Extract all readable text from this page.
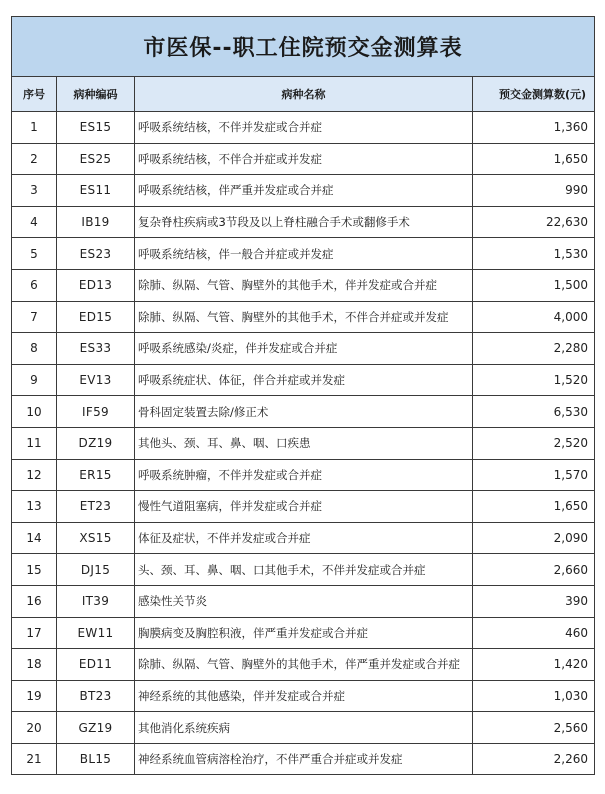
市医保--职工住院预交金测算表			
序号	病种编码	病种名称	预交金测算数(元)
1	ES15	呼吸系统结核，不伴并发症或合并症	1,360
2	ES25	呼吸系统结核，不伴合并症或并发症	1,650
3	ES11	呼吸系统结核，伴严重并发症或合并症	990
4	IB19	复杂脊柱疾病或3节段及以上脊柱融合手术或翻修手术	22,630
5	ES23	呼吸系统结核，伴一般合并症或并发症	1,530
6	ED13	除肺、纵隔、气管、胸壁外的其他手术，伴并发症或合并症	1,500
7	ED15	除肺、纵隔、气管、胸壁外的其他手术，不伴合并症或并发症	4,000
8	ES33	呼吸系统感染/炎症，伴并发症或合并症	2,280
9	EV13	呼吸系统症状、体征，伴合并症或并发症	1,520
10	IF59	骨科固定装置去除/修正术	6,530
11	DZ19	其他头、颈、耳、鼻、咽、口疾患	2,520
12	ER15	呼吸系统肿瘤，不伴并发症或合并症	1,570
13	ET23	慢性气道阻塞病，伴并发症或合并症	1,650
14	XS15	体征及症状，不伴并发症或合并症	2,090
15	DJ15	头、颈、耳、鼻、咽、口其他手术，不伴并发症或合并症	2,660
16	IT39	感染性关节炎	390
17	EW11	胸膜病变及胸腔积液，伴严重并发症或合并症	460
18	ED11	除肺、纵隔、气管、胸壁外的其他手术，伴严重并发症或合并症	1,420
19	BT23	神经系统的其他感染，伴并发症或合并症	1,030
20	GZ19	其他消化系统疾病	2,560
21	BL15	神经系统血管病溶栓治疗，不伴严重合并症或并发症	2,260
